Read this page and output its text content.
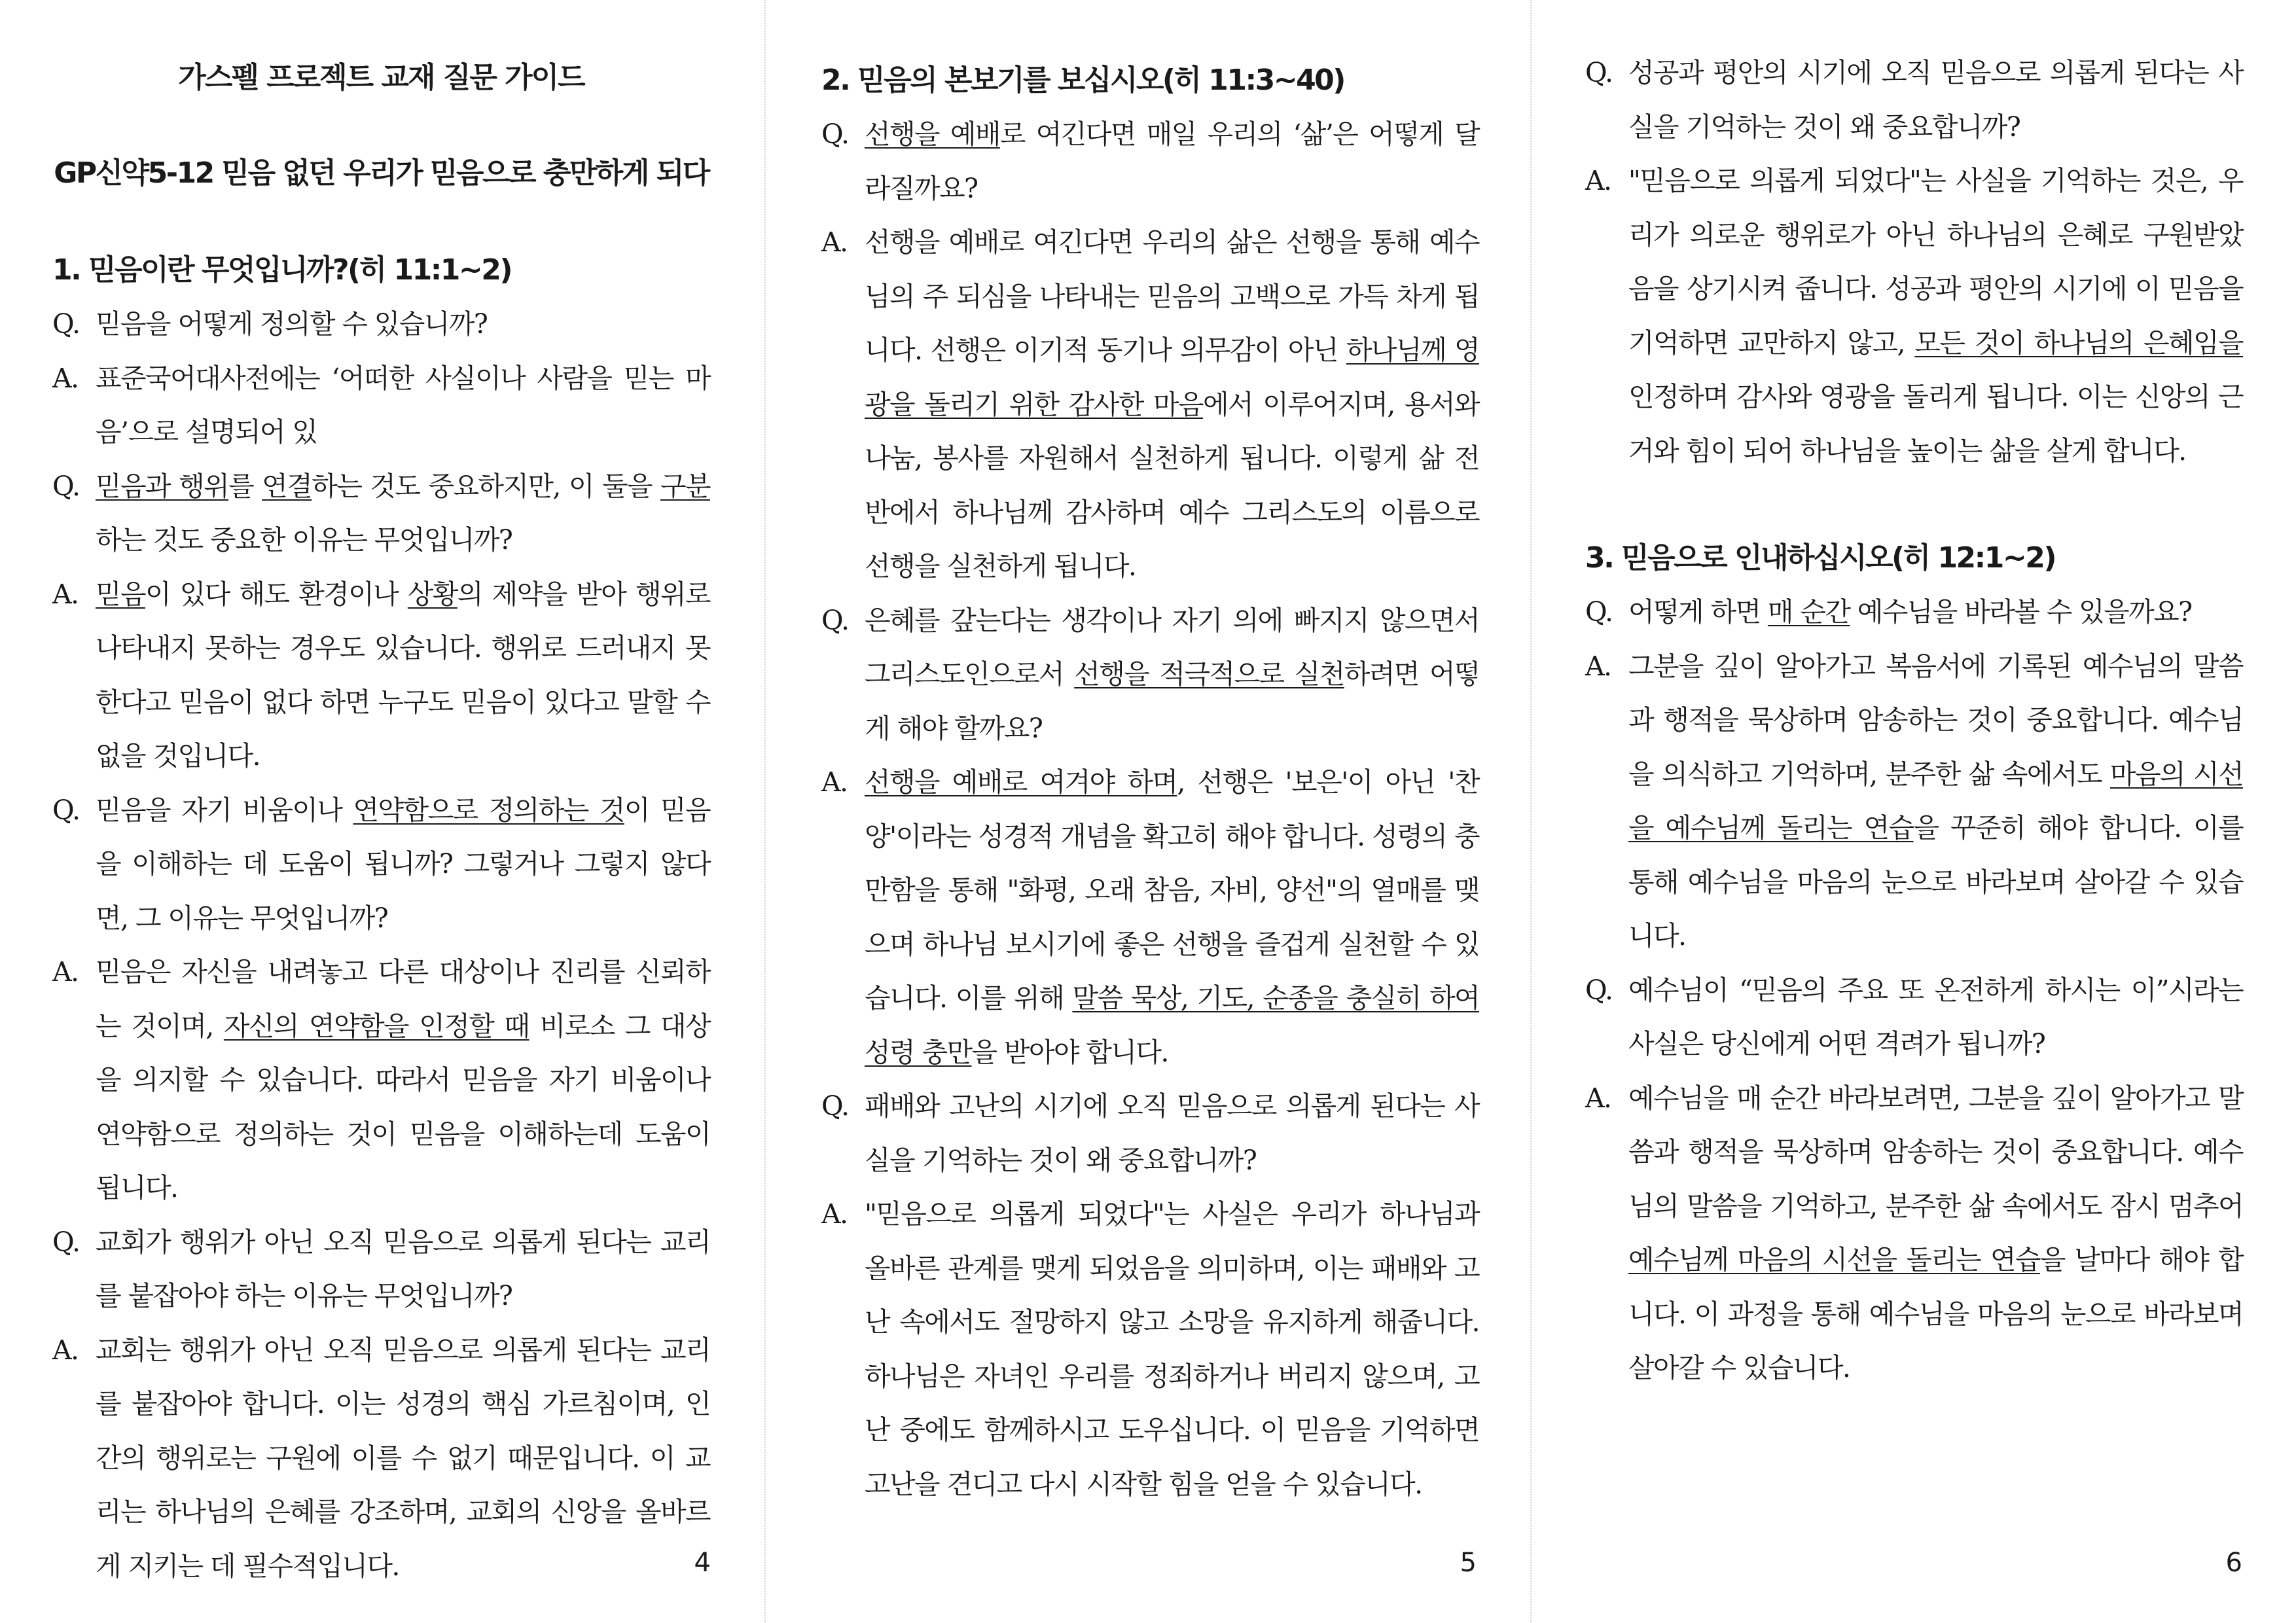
가스펠 프로젝트 교재 질문 가이드
GP신약5-12 믿음 없던 우리가 믿음으로 충만하게 되다
1. 믿음이란 무엇입니까?(히 11:1~2)

Q. 믿음을 어떻게 정의할 수 있습니까?

A. 표준국어대사전에는 ‘어떠한 사실이나 사람을 믿는 마음’으로 설명되어 있

Q. 믿음과 행위를 연결하는 것도 중요하지만, 이 둘을 구분하는 것도 중요한 이유는 무엇입니까?

A. 믿음이 있다 해도 환경이나 상황의 제약을 받아 행위로 나타내지 못하는 경우도 있습니다. 행위로 드러내지 못한다고 믿음이 없다 하면 누구도 믿음이 있다고 말할 수 없을 것입니다.

Q. 믿음을 자기 비움이나 연약함으로 정의하는 것이 믿음을 이해하는 데 도움이 됩니까? 그렇거나 그렇지 않다면, 그 이유는 무엇입니까?

A. 믿음은 자신을 내려놓고 다른 대상이나 진리를 신뢰하는 것이며, 자신의 연약함을 인정할 때 비로소 그 대상을 의지할 수 있습니다. 따라서 믿음을 자기 비움이나 연약함으로 정의하는 것이 믿음을 이해하는데 도움이 됩니다.

Q. 교회가 행위가 아닌 오직 믿음으로 의롭게 된다는 교리를 붙잡아야 하는 이유는 무엇입니까?

A. 교회는 행위가 아닌 오직 믿음으로 의롭게 된다는 교리를 붙잡아야 합니다. 이는 성경의 핵심 가르침이며, 인간의 행위로는 구원에 이를 수 없기 때문입니다. 이 교리는 하나님의 은혜를 강조하며, 교회의 신앙을 올바르게 지키는 데 필수적입니다.	4
2. 믿음의 본보기를 보십시오(히 11:3~40)

Q. 선행을 예배로 여긴다면 매일 우리의 ‘삶’은 어떻게 달라질까요?

A. 선행을 예배로 여긴다면 우리의 삶은 선행을 통해 예수님의 주 되심을 나타내는 믿음의 고백으로 가득 차게 됩니다. 선행은 이기적 동기나 의무감이 아닌 하나님께 영광을 돌리기 위한 감사한 마음에서 이루어지며, 용서와 나눔, 봉사를 자원해서 실천하게 됩니다. 이렇게 삶 전반에서 하나님께 감사하며 예수 그리스도의 이름으로 선행을 실천하게 됩니다.

Q. 은혜를 갚는다는 생각이나 자기 의에 빠지지 않으면서 그리스도인으로서 선행을 적극적으로 실천하려면 어떻게 해야 할까요?

A. 선행을 예배로 여겨야 하며, 선행은 '보은'이 아닌 '찬양'이라는 성경적 개념을 확고히 해야 합니다. 성령의 충만함을 통해 "화평, 오래 참음, 자비, 양선"의 열매를 맺으며 하나님 보시기에 좋은 선행을 즐겁게 실천할 수 있습니다. 이를 위해 말씀 묵상, 기도, 순종을 충실히 하여 성령 충만을 받아야 합니다.

Q. 패배와 고난의 시기에 오직 믿음으로 의롭게 된다는 사실을 기억하는 것이 왜 중요합니까?

A. "믿음으로 의롭게 되었다"는 사실은 우리가 하나님과 올바른 관계를 맺게 되었음을 의미하며, 이는 패배와 고난 속에서도 절망하지 않고 소망을 유지하게 해줍니다. 하나님은 자녀인 우리를 정죄하거나 버리지 않으며, 고난 중에도 함께하시고 도우십니다. 이 믿음을 기억하면 고난을 견디고 다시 시작할 힘을 얻을 수 있습니다.

5

Q. 성공과 평안의 시기에 오직 믿음으로 의롭게 된다는 사실을 기억하는 것이 왜 중요합니까?

A. "믿음으로 의롭게 되었다"는 사실을 기억하는 것은, 우리가 의로운 행위로가 아닌 하나님의 은혜로 구원받았음을 상기시켜 줍니다. 성공과 평안의 시기에 이 믿음을 기억하면 교만하지 않고, 모든 것이 하나님의 은혜임을 인정하며 감사와 영광을 돌리게 됩니다. 이는 신앙의 근거와 힘이 되어 하나님을 높이는 삶을 살게 합니다.

3. 믿음으로 인내하십시오(히 12:1~2)

Q. 어떻게 하면 매 순간 예수님을 바라볼 수 있을까요?

A. 그분을 깊이 알아가고 복음서에 기록된 예수님의 말씀과 행적을 묵상하며 암송하는 것이 중요합니다. 예수님을 의식하고 기억하며, 분주한 삶 속에서도 마음의 시선을 예수님께 돌리는 연습을 꾸준히 해야 합니다. 이를 통해 예수님을 마음의 눈으로 바라보며 살아갈 수 있습니다.

Q. 예수님이 “믿음의 주요 또 온전하게 하시는 이”시라는 사실은 당신에게 어떤 격려가 됩니까?

A. 예수님을 매 순간 바라보려면, 그분을 깊이 알아가고 말씀과 행적을 묵상하며 암송하는 것이 중요합니다. 예수님의 말씀을 기억하고, 분주한 삶 속에서도 잠시 멈추어 예수님께 마음의 시선을 돌리는 연습을 날마다 해야 합니다. 이 과정을 통해 예수님을 마음의 눈으로 바라보며 살아갈 수 있습니다.

6
